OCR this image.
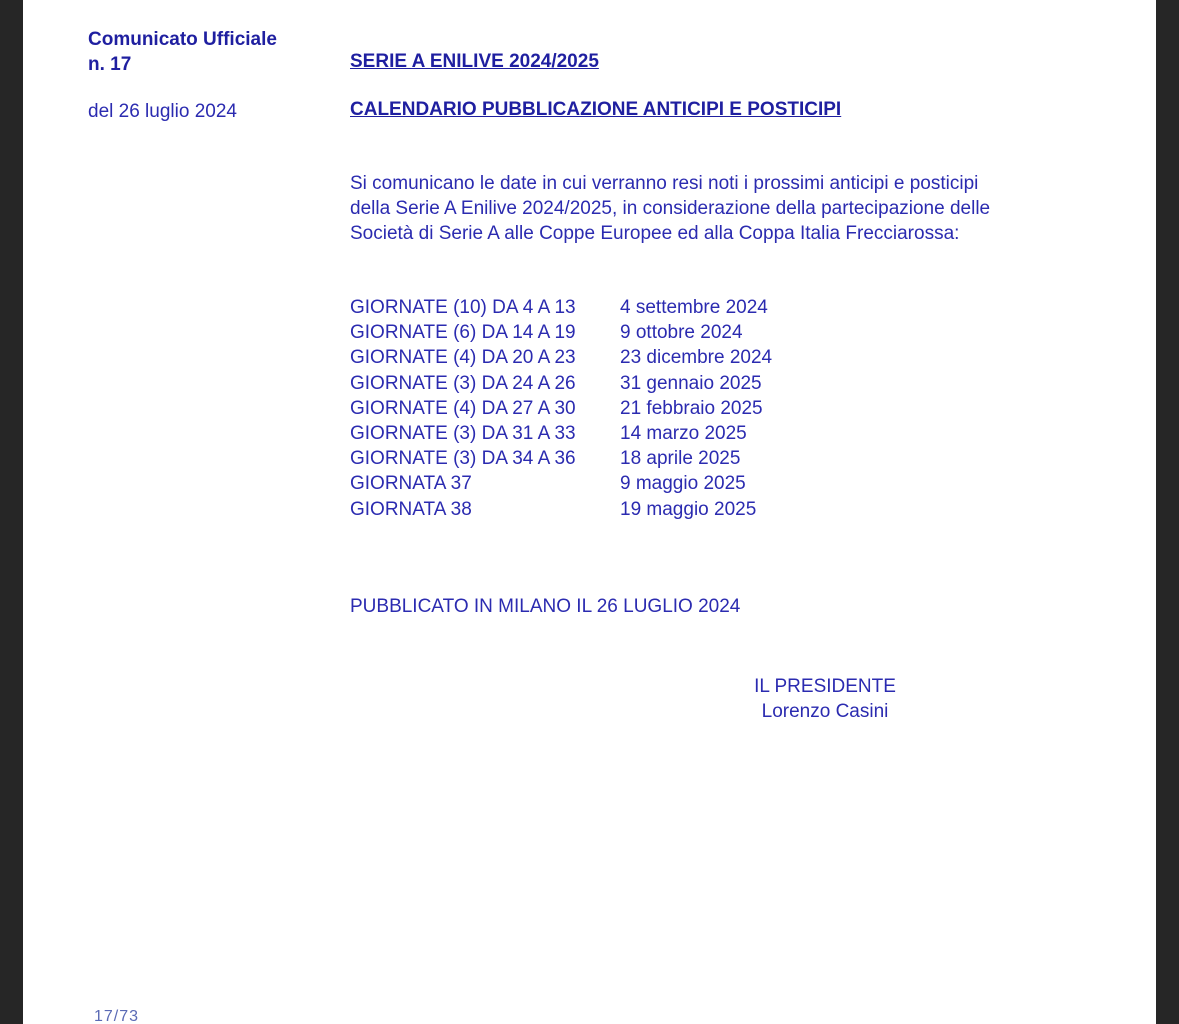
Comunicato Ufficiale
n. 17
del 26 luglio 2024
SERIE A ENILIVE 2024/2025
CALENDARIO PUBBLICAZIONE ANTICIPI E POSTICIPI
Si comunicano le date in cui verranno resi noti i prossimi anticipi e posticipi
della Serie A Enilive 2024/2025, in considerazione della partecipazione delle
Società di Serie A alle Coppe Europee ed alla Coppa Italia Frecciarossa:
GIORNATE (10) DA 4 A 13	4 settembre 2024
GIORNATE (6) DA 14 A 19	9 ottobre 2024
GIORNATE (4) DA 20 A 23	23 dicembre 2024
GIORNATE (3) DA 24 A 26	31 gennaio 2025
GIORNATE (4) DA 27 A 30	21 febbraio 2025
GIORNATE (3) DA 31 A 33	14 marzo 2025
GIORNATE (3) DA 34 A 36	18 aprile 2025
GIORNATA 37	9 maggio 2025
GIORNATA 38	19 maggio 2025
PUBBLICATO IN MILANO IL 26 LUGLIO 2024
IL PRESIDENTE
Lorenzo Casini
17/73
